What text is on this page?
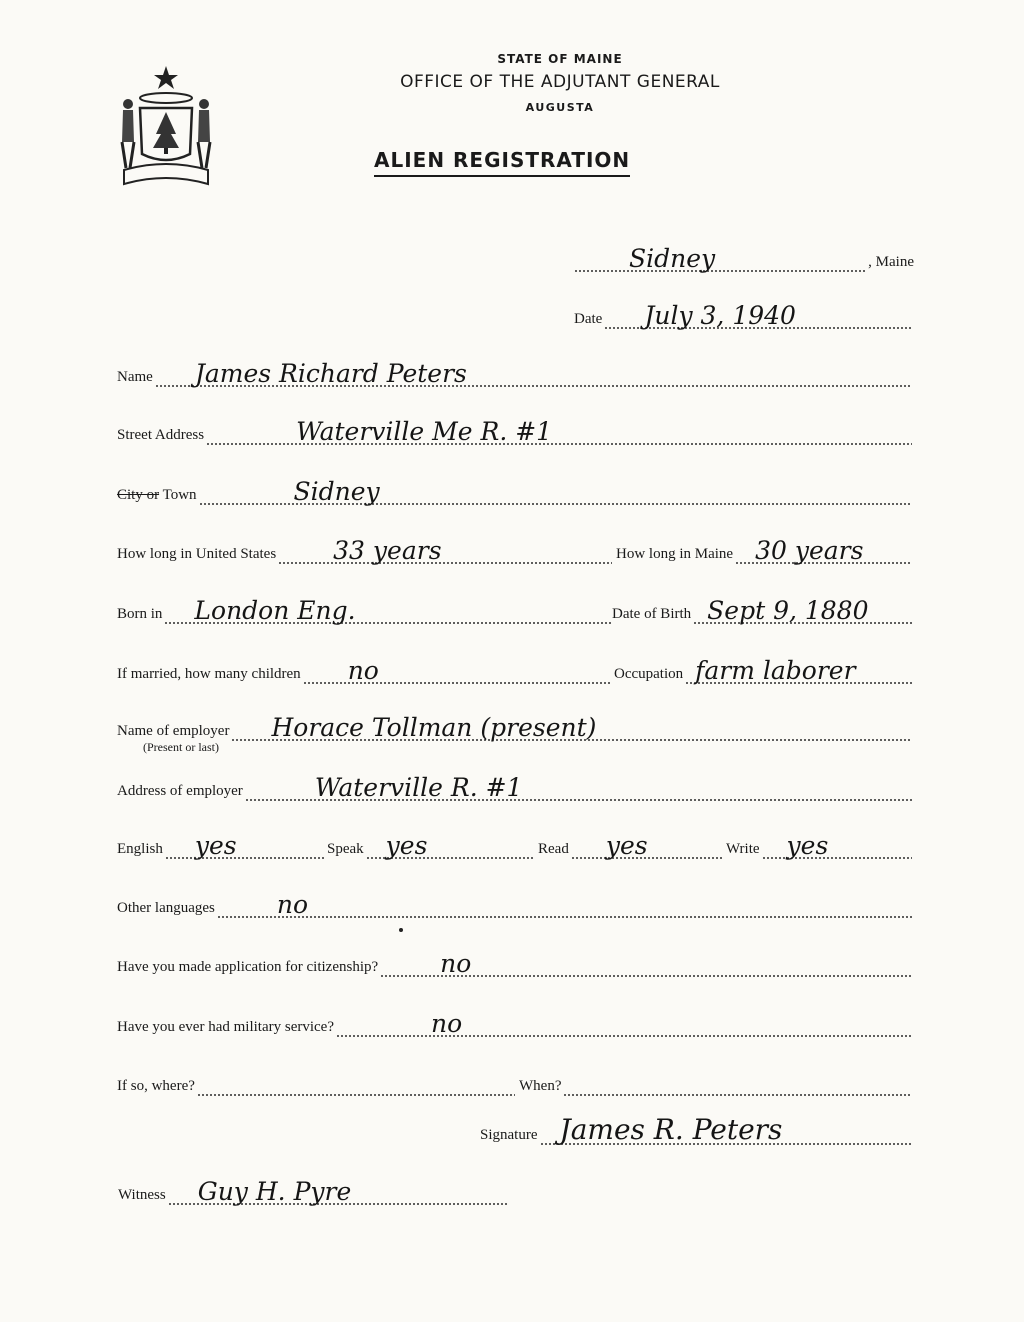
STATE OF MAINE
OFFICE OF THE ADJUTANT GENERAL
AUGUSTA
ALIEN REGISTRATION
Sidney	, Maine
Date July 3, 1940
Name James Richard Peters
Street Address	Waterville Me R. #1
City or Town	Sidney
How long in United States 33 years	How long in Maine 30 years
Born in London Eng.	Date of Birth Sept 9, 1880
If married, how many children no	Occupation farm laborer
Name of employer Horace Tollman (present)
(Present or last)
Address of employer	Waterville R. #1
English yes	Speak yes	Read yes	Write yes
Other languages no
Have you made application for citizenship? no
Have you ever had military service?	no
If so, where?	When?
Signature James R. Peters
Witness Guy H. Pyre
